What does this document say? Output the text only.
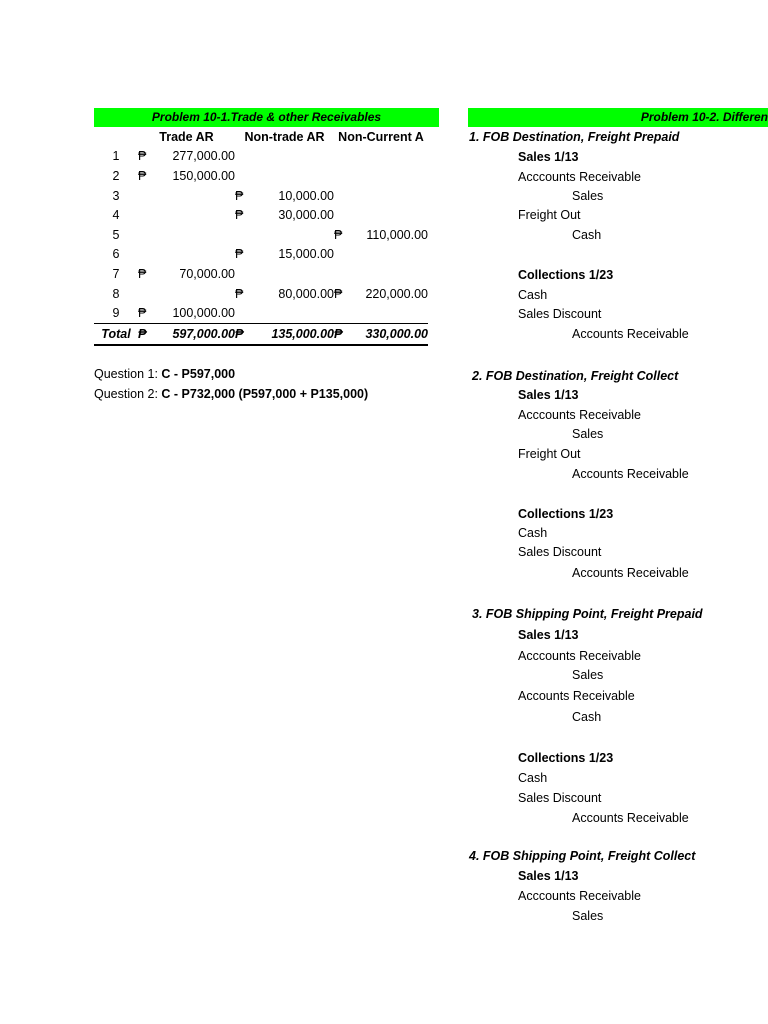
Problem 10-1.Trade & other Receivables
	Trade AR		Non-trade AR		Non-Current A	
1	₱	277,000.00				
2	₱	150,000.00				
3			₱	10,000.00		
4			₱	30,000.00		
5					₱	110,000.00
6			₱	15,000.00		
7	₱	70,000.00				
8			₱	80,000.00	₱	220,000.00
9	₱	100,000.00				
Total	₱	597,000.00	₱	135,000.00	₱	330,000.00
Question 1: C - P597,000
Question 2: C - P732,000 (P597,000 + P135,000)
Problem 10-2. Differen
1. FOB Destination, Freight Prepaid
Sales 1/13
Acccounts Receivable
Sales
Freight Out
Cash
Collections 1/23
Cash
Sales Discount
Accounts Receivable
2. FOB Destination, Freight Collect
Sales 1/13
Acccounts Receivable
Sales
Freight Out
Accounts Receivable
Collections 1/23
Cash
Sales Discount
Accounts Receivable
3. FOB Shipping Point, Freight Prepaid
Sales 1/13
Acccounts Receivable
Sales
Accounts Receivable
Cash
Collections 1/23
Cash
Sales Discount
Accounts Receivable
4. FOB Shipping Point, Freight Collect
Sales 1/13
Acccounts Receivable
Sales
